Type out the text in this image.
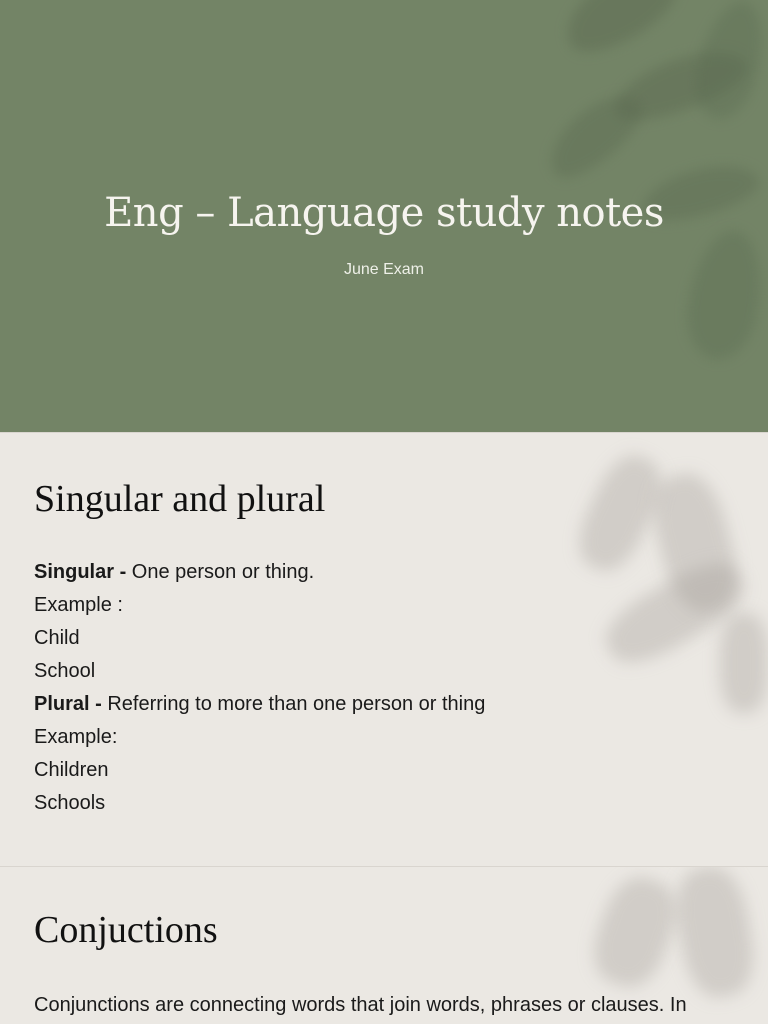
Eng – Language study notes
June Exam
Singular and plural
Singular - One person or thing.
Example :
Child
School
Plural - Referring to more than one person or thing
Example:
Children
Schools
Conjuctions
Conjunctions are connecting words that join words, phrases or clauses. In
